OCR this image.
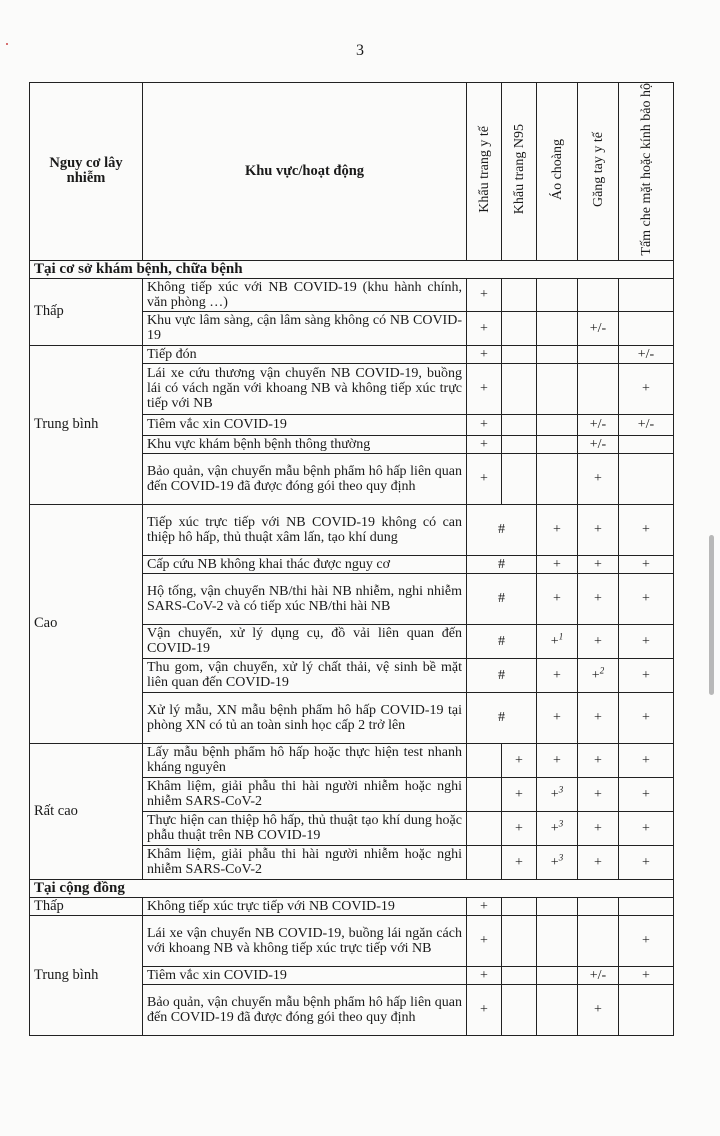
3
Nguy cơ lây nhiễm	Khu vực/hoạt động	Khẩu trang y tế	Khẩu trang N95	Áo choàng	Găng tay y tế	Tấm che mặt hoặc kính bảo hộ
Tại cơ sở khám bệnh, chữa bệnh						
Thấp	Không tiếp xúc với NB COVID-19 (khu hành chính, văn phòng …)	+				
	Khu vực lâm sàng, cận lâm sàng không có NB COVID-19	+			+/-	
Trung bình	Tiếp đón	+				+/-
	Lái xe cứu thương vận chuyển NB COVID-19, buồng lái có vách ngăn với khoang NB và không tiếp xúc trực tiếp với NB	+				+
	Tiêm vắc xin COVID-19	+			+/-	+/-
	Khu vực khám bệnh bệnh thông thường	+			+/-	
	Bảo quản, vận chuyển mẫu bệnh phẩm hô hấp liên quan đến COVID-19 đã được đóng gói theo quy định	+			+	
Cao	Tiếp xúc trực tiếp với NB COVID-19 không có can thiệp hô hấp, thủ thuật xâm lấn, tạo khí dung	#		+	+	+
	Cấp cứu NB không khai thác được nguy cơ	#		+	+	+
	Hộ tống, vận chuyển NB/thi hài NB nhiễm, nghi nhiễm SARS-CoV-2 và có tiếp xúc NB/thi hài NB	#		+	+	+
	Vận chuyển, xử lý dụng cụ, đồ vải liên quan đến COVID-19	#		+$^1$	+	+
	Thu gom, vận chuyển, xử lý chất thải, vệ sinh bề mặt liên quan đến COVID-19	#		+	+$^2$	+
	Xử lý mẫu, XN mẫu bệnh phẩm hô hấp COVID-19 tại phòng XN có tủ an toàn sinh học cấp 2 trở lên	#		+	+	+
Rất cao	Lấy mẫu bệnh phẩm hô hấp hoặc thực hiện test nhanh kháng nguyên		+	+	+	+
	Khâm liệm, giải phẫu thi hài người nhiễm hoặc nghi nhiễm SARS-CoV-2		+	+$^3$	+	+
	Thực hiện can thiệp hô hấp, thủ thuật tạo khí dung hoặc phẫu thuật trên NB COVID-19		+	+$^3$	+	+
	Khâm liệm, giải phẫu thi hài người nhiễm hoặc nghi nhiễm SARS-CoV-2		+	+$^3$	+	+
Tại cộng đồng						
Thấp	Không tiếp xúc trực tiếp với NB COVID-19	+				
Trung bình	Lái xe vận chuyển NB COVID-19, buồng lái ngăn cách với khoang NB và không tiếp xúc trực tiếp với NB	+				+
	Tiêm vắc xin COVID-19	+			+/-	+
	Bảo quản, vận chuyển mẫu bệnh phẩm hô hấp liên quan đến COVID-19 đã được đóng gói theo quy định	+			+	
